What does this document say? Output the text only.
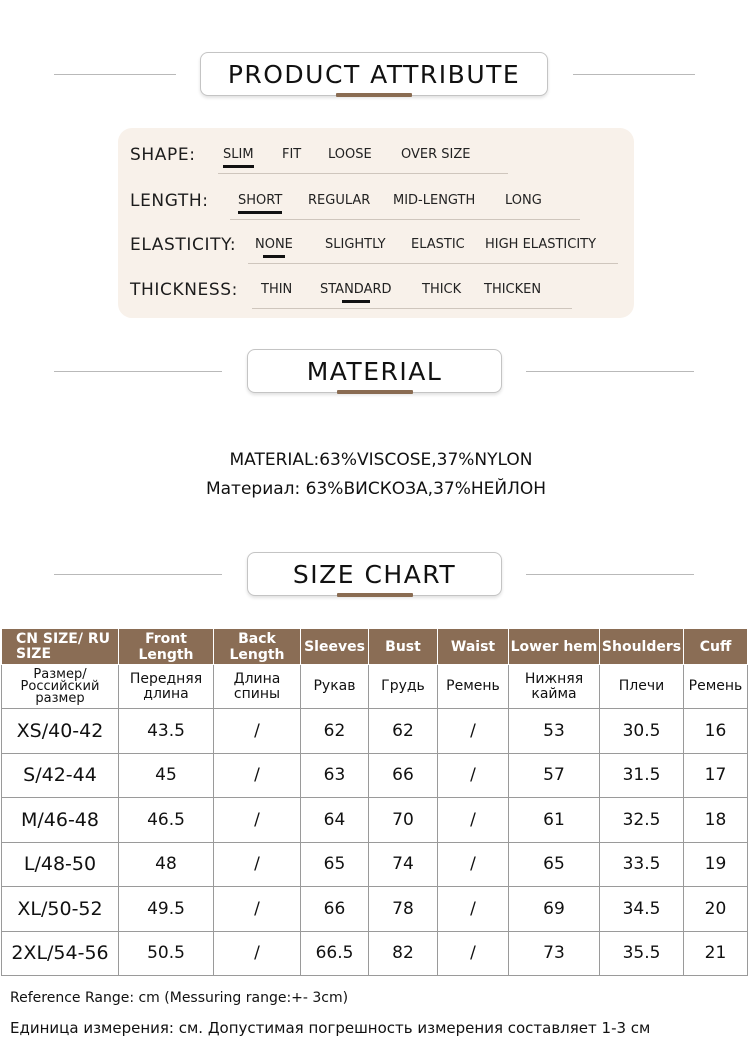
PRODUCT ATTRIBUTE
SHAPE: SLIM FIT LOOSE OVER SIZE
LENGTH: SHORT REGULAR MID-LENGTH LONG
ELASTICITY: NONE SLIGHTLY ELASTIC HIGH ELASTICITY
THICKNESS: THIN STANDARD THICK THICKEN
MATERIAL
MATERIAL:63%VISCOSE,37%NYLON
Материал: 63%ВИСКОЗА,37%НЕЙЛОН
SIZE CHART
CN SIZE/ RU SIZE	Front Length	Back Length	Sleeves	Bust	Waist	Lower hem	Shoulders	Cuff
Размер/ Российский размер	Передняя длина	Длина спины	Рукав	Грудь	Ремень	Нижняя кайма	Плечи	Ремень
XS/40-42	43.5	/	62	62	/	53	30.5	16
S/42-44	45	/	63	66	/	57	31.5	17
M/46-48	46.5	/	64	70	/	61	32.5	18
L/48-50	48	/	65	74	/	65	33.5	19
XL/50-52	49.5	/	66	78	/	69	34.5	20
2XL/54-56	50.5	/	66.5	82	/	73	35.5	21
Reference Range: cm (Messuring range:+- 3cm)
Единица измерения: см. Допустимая погрешность измерения составляет 1-3 см
